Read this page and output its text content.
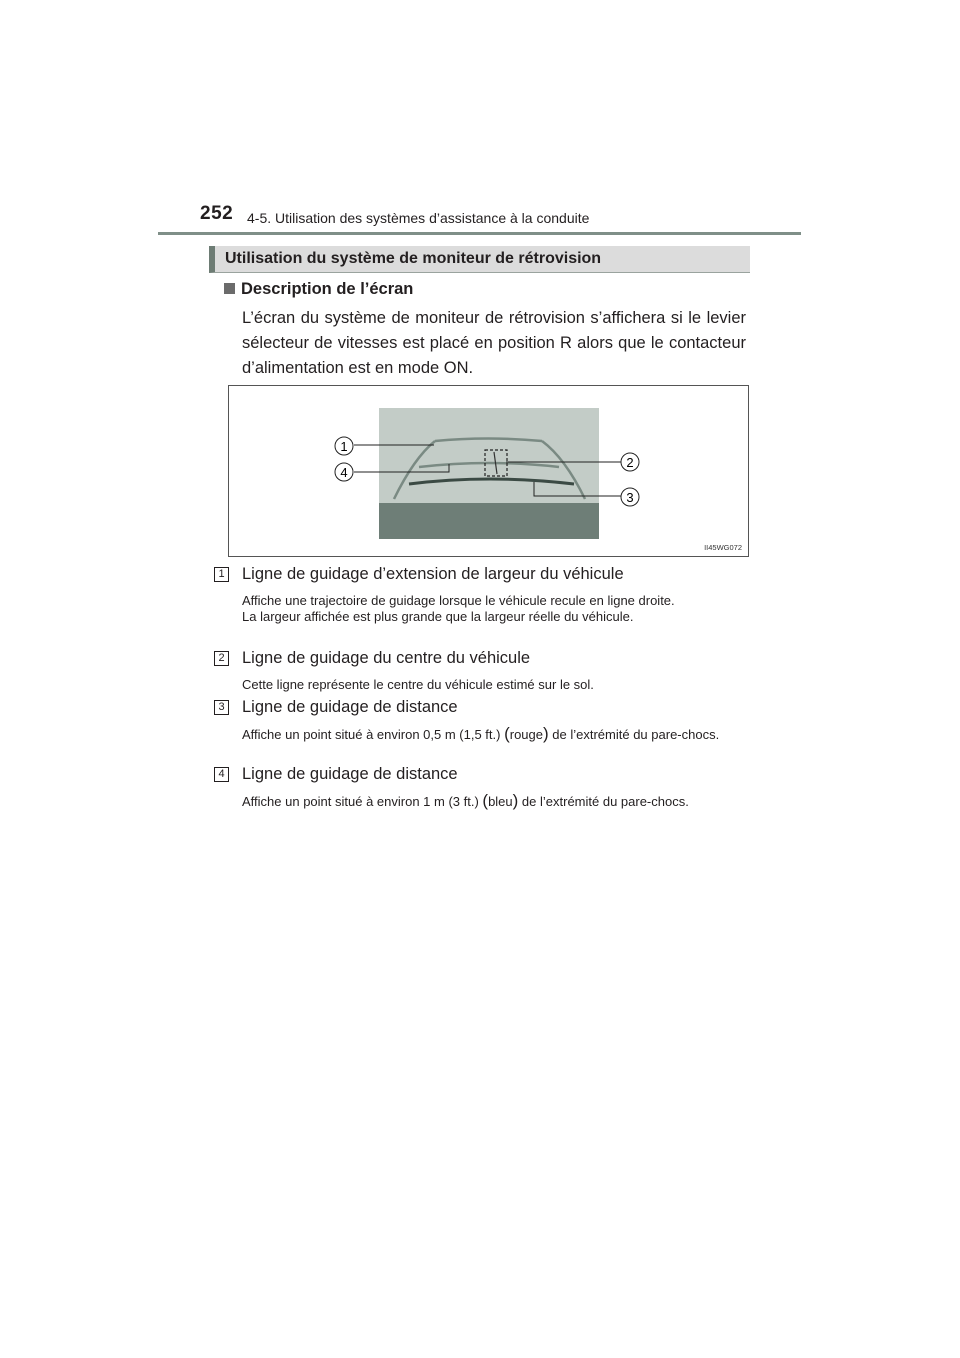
252 4-5. Utilisation des systèmes d’assistance à la conduite
Utilisation du système de moniteur de rétrovision
Description de l’écran
L’écran du système de moniteur de rétrovision s’affichera si le levier sélecteur de vitesses est placé en position R alors que le contacteur d’alimentation est en mode ON.
1
2
3
4
II45WG072
1 Ligne de guidage d’extension de largeur du véhicule

Affiche une trajectoire de guidage lorsque le véhicule recule en ligne droite.

La largeur affichée est plus grande que la largeur réelle du véhicule.

2 Ligne de guidage du centre du véhicule

Cette ligne représente le centre du véhicule estimé sur le sol.

3 Ligne de guidage de distance

Affiche un point situé à environ 0,5 m (1,5 ft.) (rouge) de l’extrémité du pare-chocs.

4 Ligne de guidage de distance

Affiche un point situé à environ 1 m (3 ft.) (bleu) de l’extrémité du pare-chocs.
